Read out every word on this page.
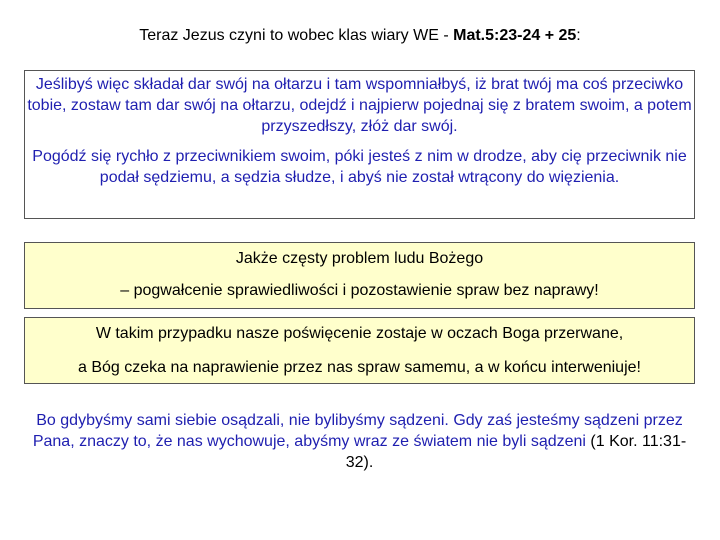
Teraz Jezus czyni to wobec klas wiary WE - Mat.5:23-24 + 25:

Jeślibyś więc składał dar swój na ołtarzu i tam wspomniałbyś, iż brat twój ma coś przeciwko tobie, zostaw tam dar swój na ołtarzu, odejdź i najpierw pojednaj się z bratem swoim, a potem przyszedłszy, złóż dar swój.

Pogódź się rychło z przeciwnikiem swoim, póki jesteś z nim w drodze, aby cię przeciwnik nie podał sędziemu, a sędzia słudze, i abyś nie został wtrącony do więzienia.

Jakże częsty problem ludu Bożego
– pogwałcenie sprawiedliwości i pozostawienie spraw bez naprawy!
W takim przypadku nasze poświęcenie zostaje w oczach Boga przerwane,
a Bóg czeka na naprawienie przez nas spraw samemu, a w końcu interweniuje!
Bo gdybyśmy sami siebie osądzali, nie bylibyśmy sądzeni. Gdy zaś jesteśmy sądzeni przez Pana, znaczy to, że nas wychowuje, abyśmy wraz ze światem nie byli sądzeni (1 Kor. 11:31-32).
